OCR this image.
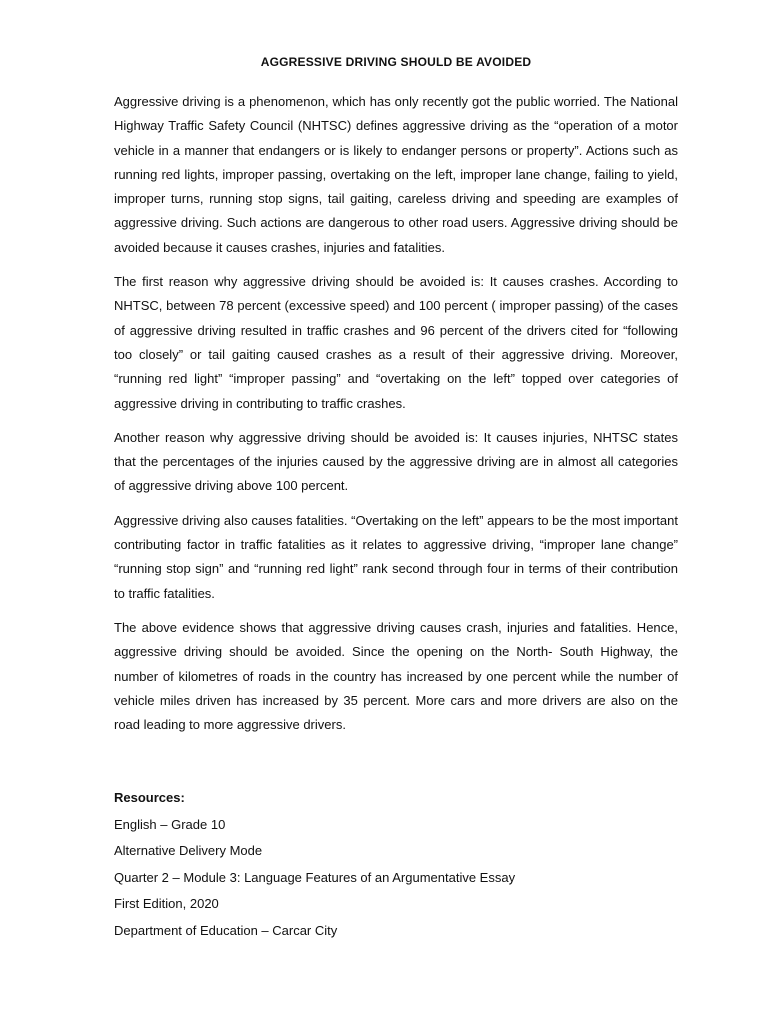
AGGRESSIVE DRIVING SHOULD BE AVOIDED

Aggressive driving is a phenomenon, which has only recently got the public worried. The National Highway Traffic Safety Council (NHTSC) defines aggressive driving as the “operation of a motor vehicle in a manner that endangers or is likely to endanger persons or property”. Actions such as running red lights, improper passing, overtaking on the left, improper lane change, failing to yield, improper turns, running stop signs, tail gaiting, careless driving and speeding are examples of aggressive driving. Such actions are dangerous to other road users. Aggressive driving should be avoided because it causes crashes, injuries and fatalities.

The first reason why aggressive driving should be avoided is: It causes crashes. According to NHTSC, between 78 percent (excessive speed) and 100 percent ( improper passing) of the cases of aggressive driving resulted in traffic crashes and 96 percent of the drivers cited for “following too closely” or tail gaiting caused crashes as a result of their aggressive driving. Moreover, “running red light” “improper passing” and “overtaking on the left” topped over categories of aggressive driving in contributing to traffic crashes.

Another reason why aggressive driving should be avoided is: It causes injuries, NHTSC states that the percentages of the injuries caused by the aggressive driving are in almost all categories of aggressive driving above 100 percent.

Aggressive driving also causes fatalities. “Overtaking on the left” appears to be the most important contributing factor in traffic fatalities as it relates to aggressive driving, “improper lane change” “running stop sign” and “running red light” rank second through four in terms of their contribution to traffic fatalities.

The above evidence shows that aggressive driving causes crash, injuries and fatalities. Hence, aggressive driving should be avoided. Since the opening on the North- South Highway, the number of kilometres of roads in the country has increased by one percent while the number of vehicle miles driven has increased by 35 percent. More cars and more drivers are also on the road leading to more aggressive drivers.

Resources:

English – Grade 10
Alternative Delivery Mode
Quarter 2 – Module 3: Language Features of an Argumentative Essay
First Edition, 2020
Department of Education – Carcar City
